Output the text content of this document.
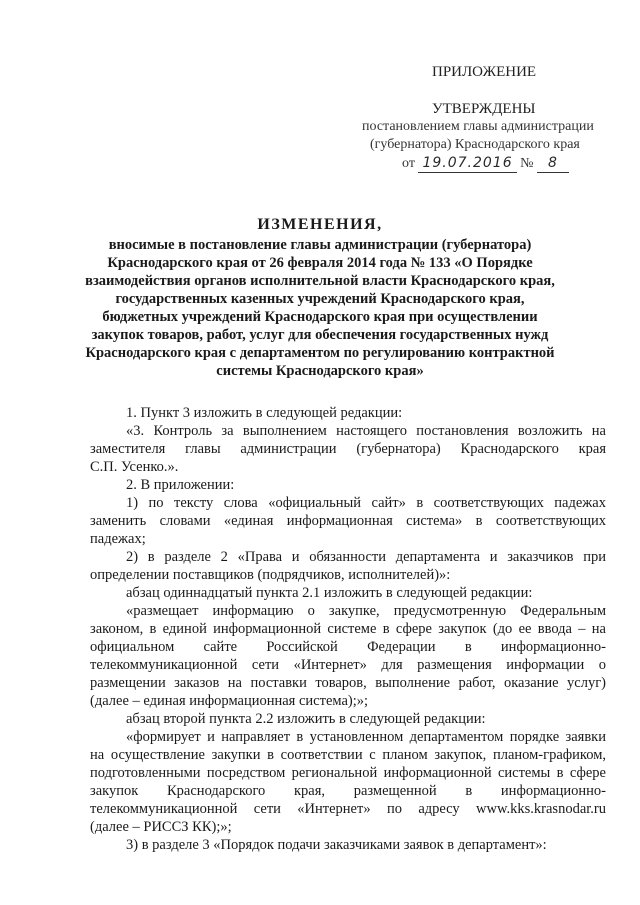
ПРИЛОЖЕНИЕ
УТВЕРЖДЕНЫ
постановлением главы администрации
(губернатора) Краснодарского края
от 19.07.2016 № 8
ИЗМЕНЕНИЯ,
вносимые в постановление главы администрации (губернатора)
Краснодарского края от 26 февраля 2014 года № 133 «О Порядке
взаимодействия органов исполнительной власти Краснодарского края,
государственных казенных учреждений Краснодарского края,
бюджетных учреждений Краснодарского края при осуществлении
закупок товаров, работ, услуг для обеспечения государственных нужд
Краснодарского края с департаментом по регулированию контрактной
системы Краснодарского края»
1. Пункт 3 изложить в следующей редакции:
«3. Контроль за выполнением настоящего постановления возложить на
заместителя главы администрации (губернатора) Краснодарского края
С.П. Усенко.».
2. В приложении:
1) по тексту слова «официальный сайт» в соответствующих падежах
заменить словами «единая информационная система» в соответствующих
падежах;
2) в разделе 2 «Права и обязанности департамента и заказчиков при
определении поставщиков (подрядчиков, исполнителей)»:
абзац одиннадцатый пункта 2.1 изложить в следующей редакции:
«размещает информацию о закупке, предусмотренную Федеральным
законом, в единой информационной системе в сфере закупок (до ее ввода – на
официальном сайте Российской Федерации в информационно-
телекоммуникационной сети «Интернет» для размещения информации о
размещении заказов на поставки товаров, выполнение работ, оказание услуг)
(далее – единая информационная система);»;
абзац второй пункта 2.2 изложить в следующей редакции:
«формирует и направляет в установленном департаментом порядке заявки
на осуществление закупки в соответствии с планом закупок, планом-графиком,
подготовленными посредством региональной информационной системы в сфере
закупок Краснодарского края, размещенной в информационно-
телекоммуникационной сети «Интернет» по адресу www.kks.krasnodar.ru
(далее – РИССЗ КК);»;
3) в разделе 3 «Порядок подачи заказчиками заявок в департамент»:
